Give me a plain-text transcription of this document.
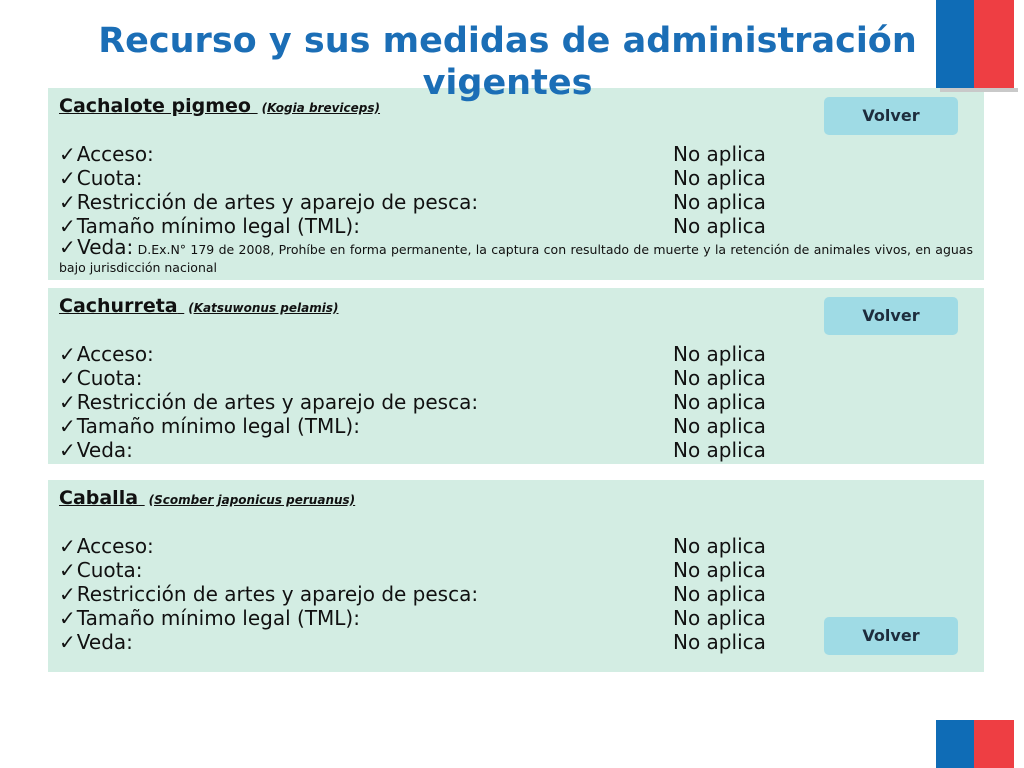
Recurso y sus medidas de administración vigentes
Cachalote pigmeo (Kogia breviceps)	Volver
✓Acceso:	No aplica
✓Cuota:	No aplica
✓Restricción de artes y aparejo de pesca:	No aplica
✓Tamaño mínimo legal (TML):	No aplica
✓Veda: D.Ex.N° 179 de 2008, Prohíbe en forma permanente, la captura con resultado de muerte y la retención de animales vivos, en aguas bajo jurisdicción nacional
Cachurreta (Katsuwonus pelamis)	Volver
✓Acceso:	No aplica
✓Cuota:	No aplica
✓Restricción de artes y aparejo de pesca:	No aplica
✓Tamaño mínimo legal (TML):	No aplica
✓Veda:	No aplica
Caballa (Scomber japonicus peruanus)
Volver
✓Acceso:	No aplica
✓Cuota:	No aplica
✓Restricción de artes y aparejo de pesca:	No aplica
✓Tamaño mínimo legal (TML):	No aplica
✓Veda:	No aplica
